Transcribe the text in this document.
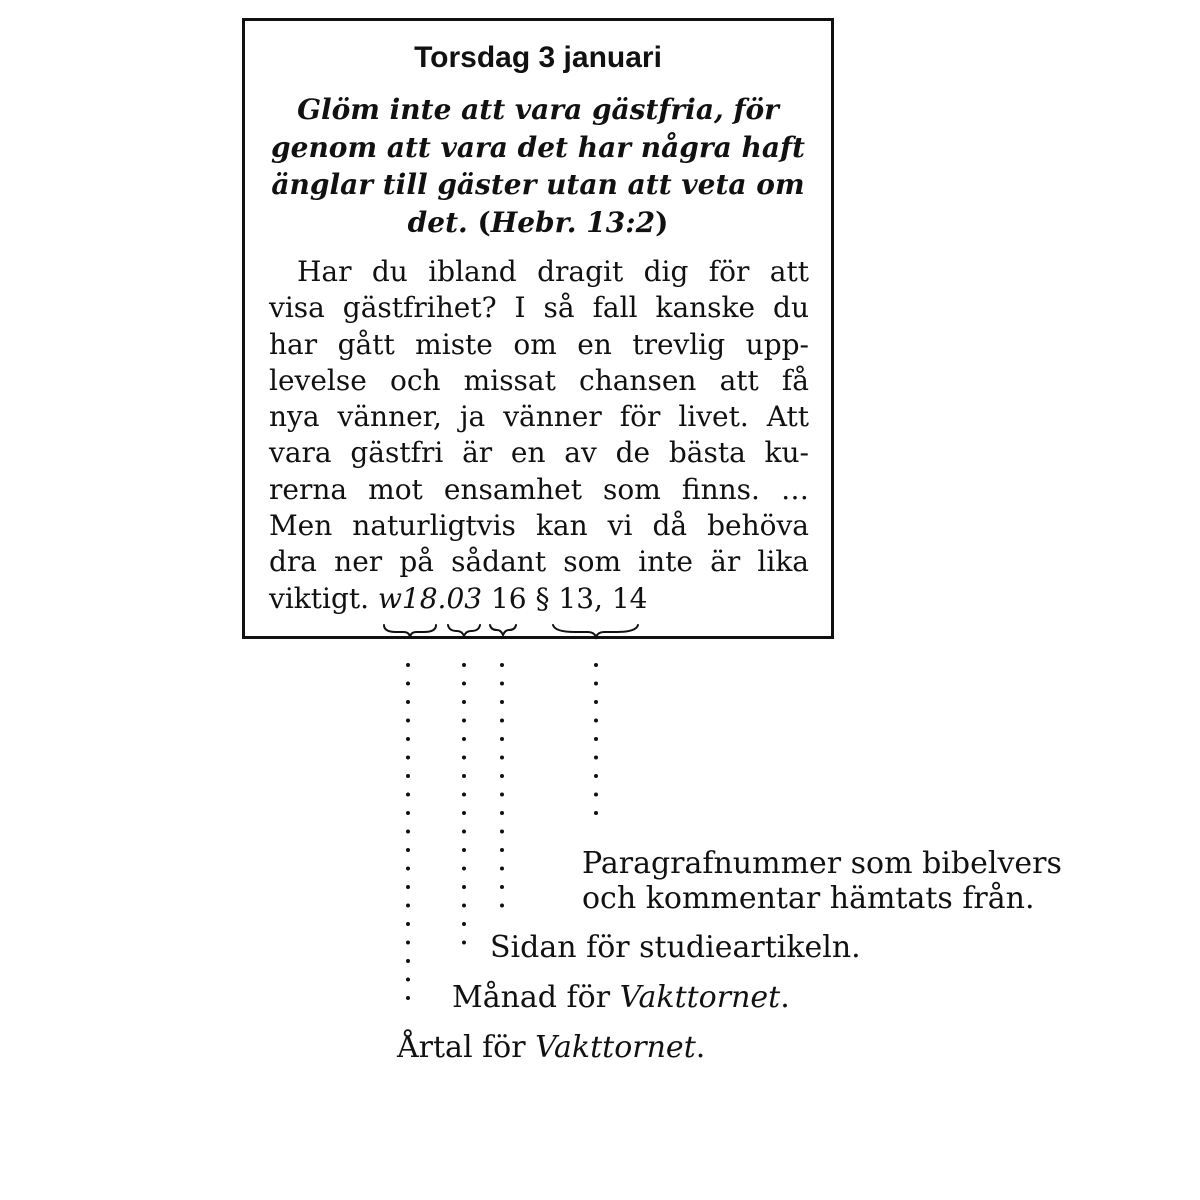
Torsdag 3 januari
Glöm inte att vara gästfria, för
genom att vara det har några haft
änglar till gäster utan att veta om
det. (Hebr. 13:2)
Har du ibland dragit dig för att
visa gästfrihet? I så fall kanske du
har gått miste om en trevlig upp-
levelse och missat chansen att få
nya vänner, ja vänner för livet. Att
vara gästfri är en av de bästa ku-
rerna mot ensamhet som finns. …
Men naturligtvis kan vi då behöva
dra ner på sådant som inte är lika
viktigt. w18.03 16 § 13, 14
Paragrafnummer som bibelvers
och kommentar hämtats från.
Sidan för studieartikeln.
Månad för Vakttornet.
Årtal för Vakttornet.
